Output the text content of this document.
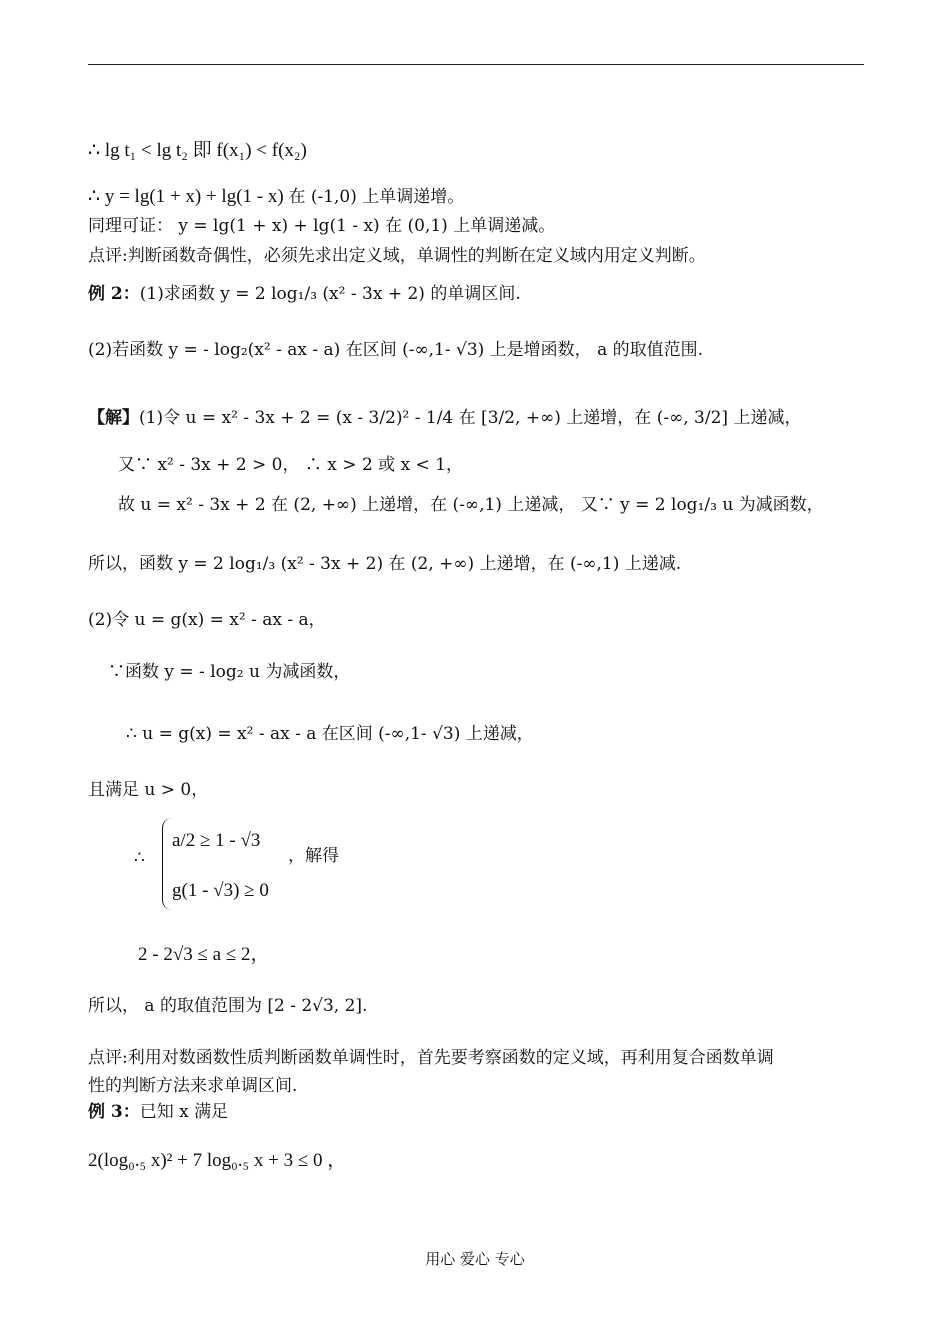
∴ lg t₁ < lg t₂ 即 f(x₁) < f(x₂)
∴ y = lg(1 + x) + lg(1 - x) 在 (-1,0) 上单调递增。
同理可证： y = lg(1 + x) + lg(1 - x) 在 (0,1) 上单调递减。
点评:判断函数奇偶性，必须先求出定义域，单调性的判断在定义域内用定义判断。
例 2：(1)求函数 y = 2 log₁/₃ (x² - 3x + 2) 的单调区间.
(2)若函数 y = - log₂(x² - ax - a) 在区间 (-∞,1- √3) 上是增函数， a 的取值范围.
【解】(1)令 u = x² - 3x + 2 = (x - 3/2)² - 1/4 在 [3/2, +∞) 上递增，在 (-∞, 3/2] 上递减，
又∵ x² - 3x + 2 > 0， ∴ x > 2 或 x < 1，
故 u = x² - 3x + 2 在 (2, +∞) 上递增，在 (-∞,1) 上递减， 又∵ y = 2 log₁/₃ u 为减函数，
所以，函数 y = 2 log₁/₃ (x² - 3x + 2) 在 (2, +∞) 上递增，在 (-∞,1) 上递减.
(2)令 u = g(x) = x² - ax - a，
∵函数 y = - log₂ u 为减函数，
∴ u = g(x) = x² - ax - a 在区间 (-∞,1- √3) 上递减，
且满足 u > 0，
∴
a/2 ≥ 1 - √3
g(1 - √3) ≥ 0
，解得
2 - 2√3 ≤ a ≤ 2，
所以， a 的取值范围为 [2 - 2√3, 2].
点评:利用对数函数性质判断函数单调性时，首先要考察函数的定义域，再利用复合函数单调
性的判断方法来求单调区间.
例 3：已知 x 满足
2(log₀.₅ x)² + 7 log₀.₅ x + 3 ≤ 0 ，
用心 爱心 专心
